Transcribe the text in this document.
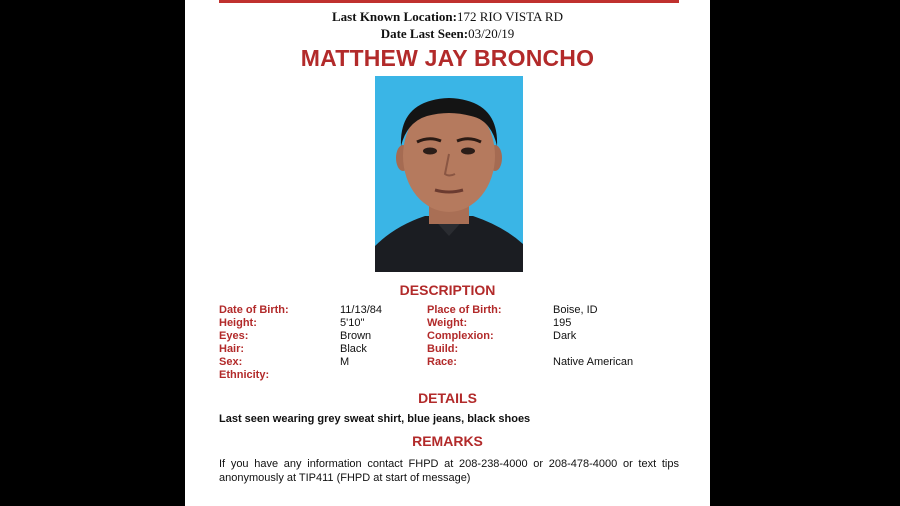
Last Known Location:172 RIO VISTA RD
Date Last Seen:03/20/19
MATTHEW JAY BRONCHO
DESCRIPTION
Date of Birth:	11/13/84
Height:	5'10"
Eyes:	Brown
Hair:	Black
Sex:	M
Ethnicity:
Place of Birth:	Boise, ID
Weight:	195
Complexion:	Dark
Build:
Race:	Native American
DETAILS
Last seen wearing grey sweat shirt, blue jeans, black shoes
REMARKS
If you have any information contact FHPD at 208-238-4000 or 208-478-4000 or text tips anonymously at TIP411 (FHPD at start of message)
